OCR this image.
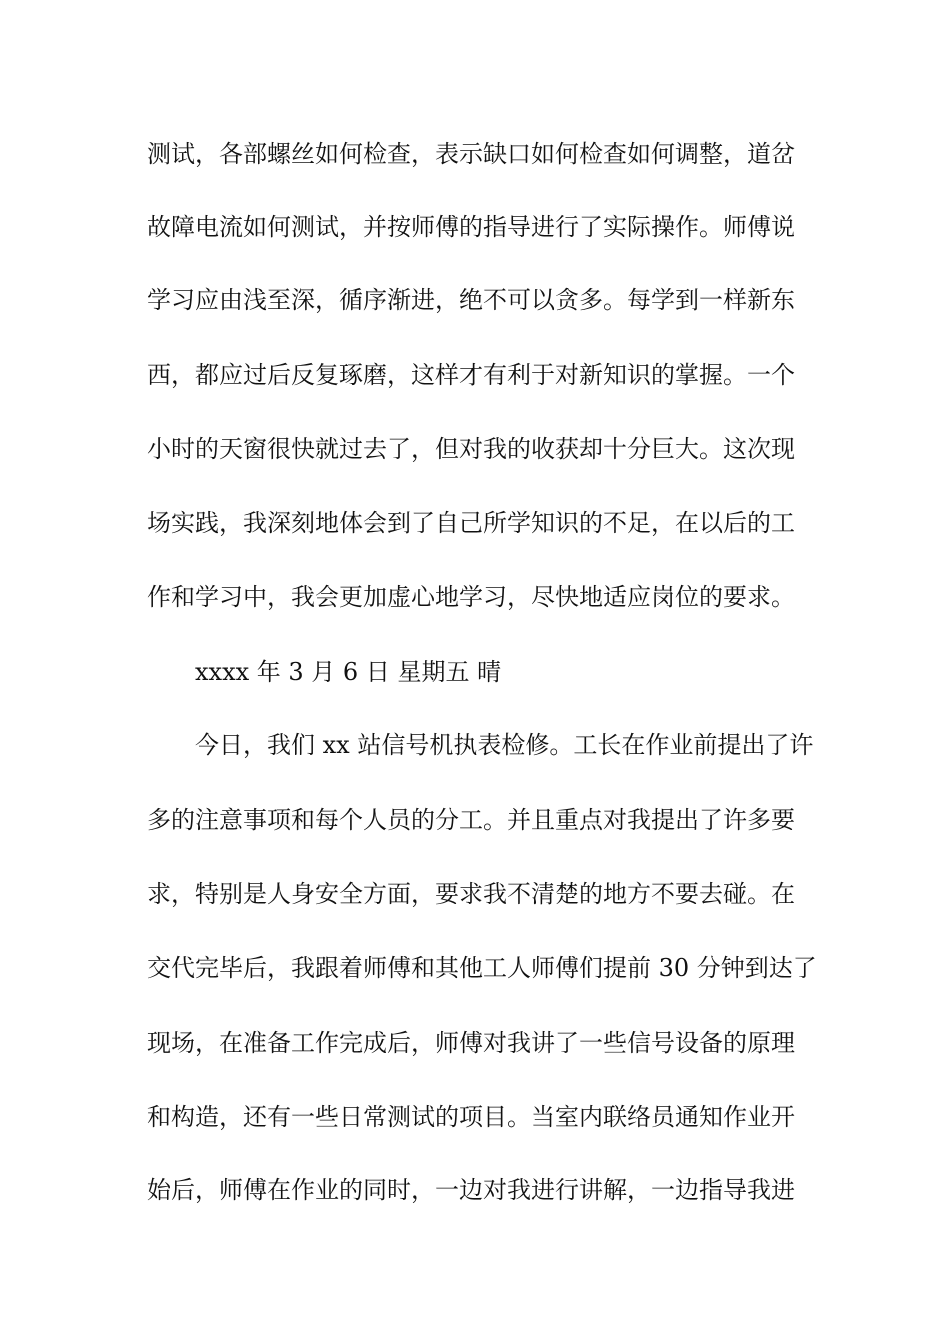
测试，各部螺丝如何检查，表示缺口如何检查如何调整，道岔
故障电流如何测试，并按师傅的指导进行了实际操作。师傅说
学习应由浅至深，循序渐进，绝不可以贪多。每学到一样新东
西，都应过后反复琢磨，这样才有利于对新知识的掌握。一个
小时的天窗很快就过去了，但对我的收获却十分巨大。这次现
场实践，我深刻地体会到了自己所学知识的不足，在以后的工
作和学习中，我会更加虚心地学习，尽快地适应岗位的要求。
xxxx 年 3 月 6 日 星期五 晴
今日，我们 xx 站信号机执表检修。工长在作业前提出了许
多的注意事项和每个人员的分工。并且重点对我提出了许多要
求，特别是人身安全方面，要求我不清楚的地方不要去碰。在
交代完毕后，我跟着师傅和其他工人师傅们提前 30 分钟到达了
现场，在准备工作完成后，师傅对我讲了一些信号设备的原理
和构造，还有一些日常测试的项目。当室内联络员通知作业开
始后，师傅在作业的同时，一边对我进行讲解，一边指导我进
